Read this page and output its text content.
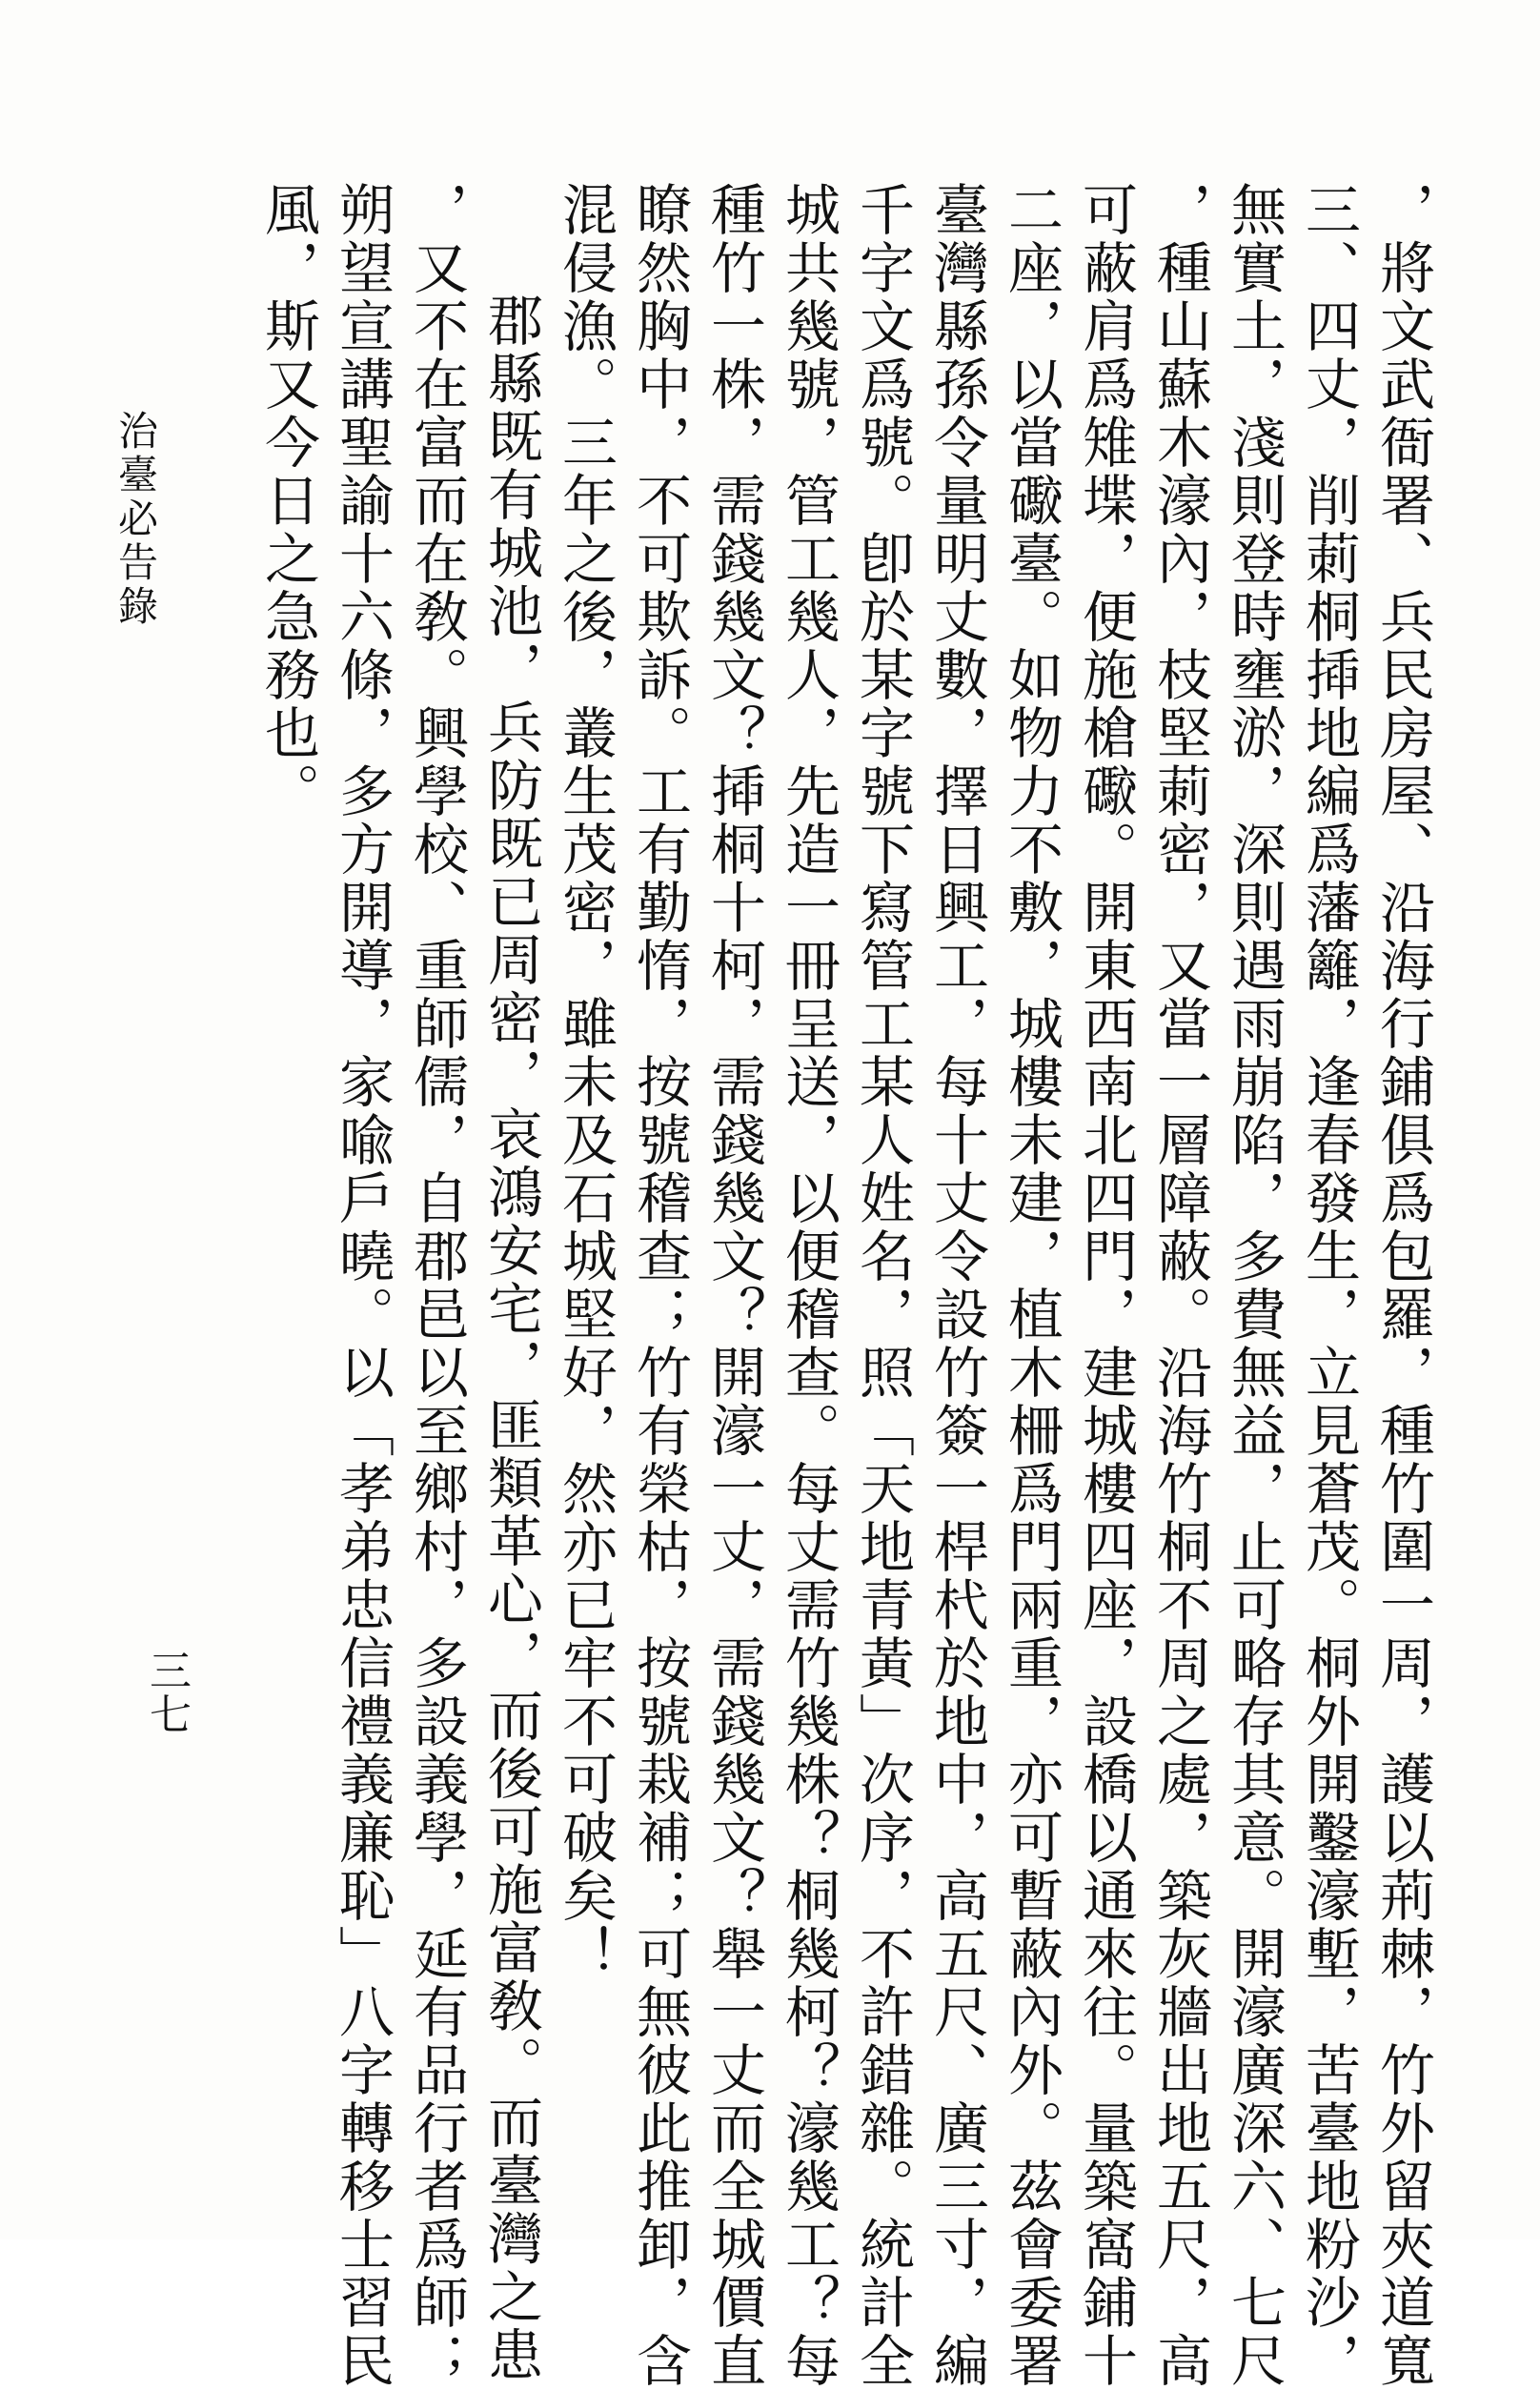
，將文武衙署、兵民房屋、沿海行鋪俱爲包羅，種竹圍一周，護以荊棘，竹外留夾道寬

三、四丈，削莿桐揷地編爲藩籬，逢春發生，立見蒼茂。桐外開鑿濠塹，苦臺地粉沙，

無實土，淺則登時壅淤，深則遇雨崩陷，多費無益，止可略存其意。開濠廣深六、七尺

，種山蘇木濠內，枝堅莿密，又當一層障蔽。沿海竹桐不周之處，築灰牆出地五尺，高

可蔽肩爲雉堞，便施槍礮。開東西南北四門，建城樓四座，設橋以通來往。量築窩鋪十

二座，以當礮臺。如物力不敷，城樓未建，植木柵爲門兩重，亦可暫蔽內外。茲會委署

臺灣縣孫令量明丈數，擇日興工，每十丈令設竹簽一桿杙於地中，高五尺、廣三寸，編

千字文爲號。卽於某字號下寫管工某人姓名，照「天地青黃」次序，不許錯雜。統計全

城共幾號，管工幾人，先造一冊呈送，以便稽查。每丈需竹幾株？桐幾柯？濠幾工？每

種竹一株，需錢幾文？揷桐十柯，需錢幾文？開濠一丈，需錢幾文？舉一丈而全城價直

瞭然胸中，不可欺訴。工有勤惰，按號稽查；竹有榮枯，按號栽補；可無彼此推卸，含

混侵漁。三年之後，叢生茂密，雖未及石城堅好，然亦已牢不可破矣！

郡縣既有城池，兵防既已周密，哀鴻安宅，匪類革心，而後可施富敎。而臺灣之患

，又不在富而在敎。興學校、重師儒，自郡邑以至鄉村，多設義學，延有品行者爲師；

朔望宣講聖諭十六條，多方開導，家喩戶曉。以「孝弟忠信禮義廉恥」八字轉移士習民

風，斯又今日之急務也。

治臺必告錄
三七
